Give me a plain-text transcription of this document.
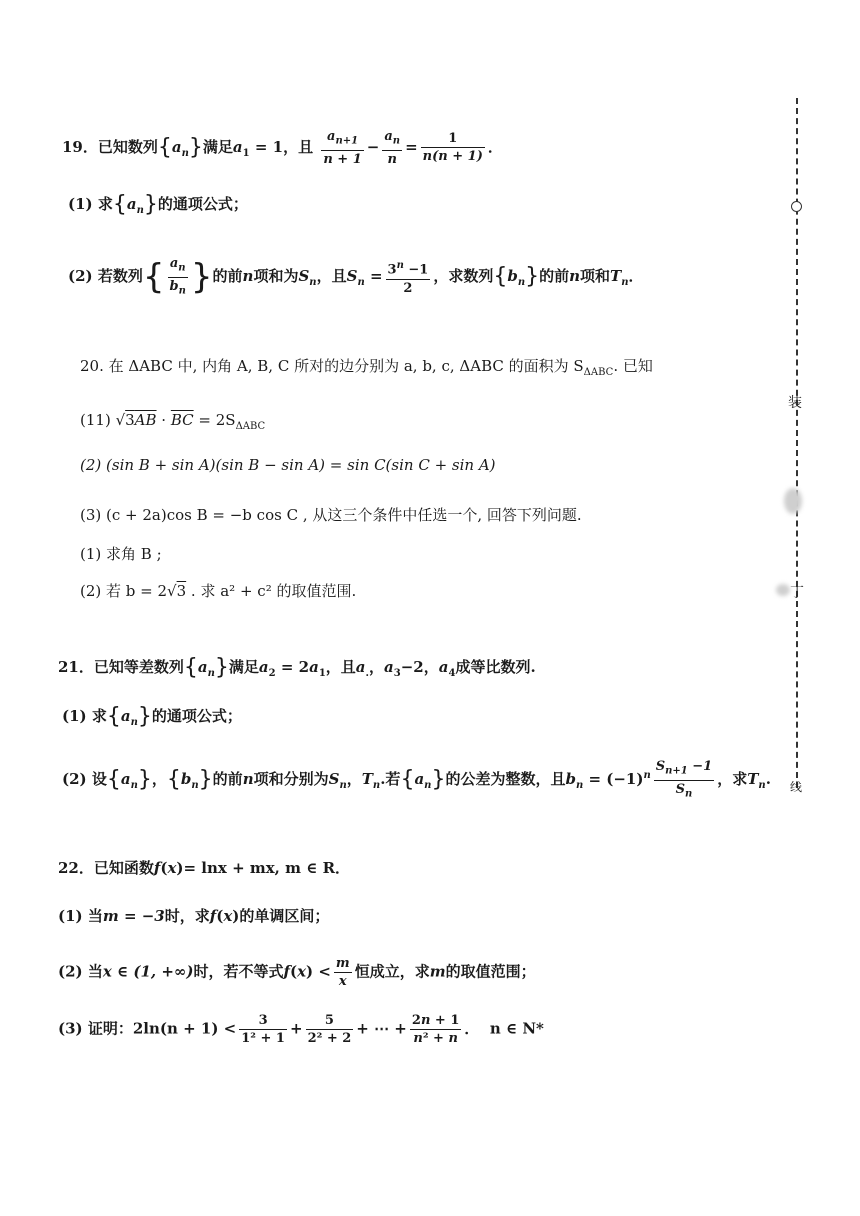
19．已知数列$\{a_n\}$满足$a_1 = 1$，且 $\frac{a_{n+1}}{n + 1} - \frac{a_n}{n} = \frac{1}{n(n + 1)}$ ．
(1) 求$\{a_n\}$的通项公式；
(2) 若数列{ $\frac{a_n}{b_n}$ }的前n项和为$S_n$，且$S_n = \frac{3^n -1}{2}$ ，求数列$\{b_n\}$的前n项和$T_n$．
20. 在 ΔABC 中, 内角 A, B, C 所对的边分别为 a, b, c, ΔABC 的面积为 $S_{\Delta ABC}$. 已知
(11) $√3\overline{AB} \cdot \overline{BC} = 2S_{\Delta ABC}$
(2) (sin B + sin A)(sin B − sin A) = sin C(sin C + sin A)
(3) (c + 2a)cos B = −b cos C , 从这三个条件中任选一个, 回答下列问题.
(1) 求角 B ;
(2) 若 b = 2√3 . 求 a² + c² 的取值范围.
21．已知等差数列$\{a_n\}$满足$a_2 = 2a_1$，且$a_.$，$a_3-2$，$a_4$成等比数列.
(1) 求$\{a_n\}$的通项公式；
(2) 设$\{a_n\}$，$\{b_n\}$的前n项和分别为$S_n$，$T_n$.若$\{a_n\}$的公差为整数，且$b_n = (-1)^n \frac{S_{n+1} -1}{S_n}$ ，求$T_n$.
22．已知函数f(x)= lnx + mx, m ∈ R．
(1) 当m = −3时，求f(x)的单调区间；
(2) 当x ∈ (1, +∞)时，若不等式$f(x) < \frac{m}{x}$ 恒成立，求m的取值范围；
(3) 证明：$2\ln(n + 1) < \frac{3}{\text{1² + 1}} + \frac{5}{\text{2² + 2}}$ + ⋯ + $\frac{2n + 1}{\text{n² + n}}$ ． n ∈ N*
装
丁
线
